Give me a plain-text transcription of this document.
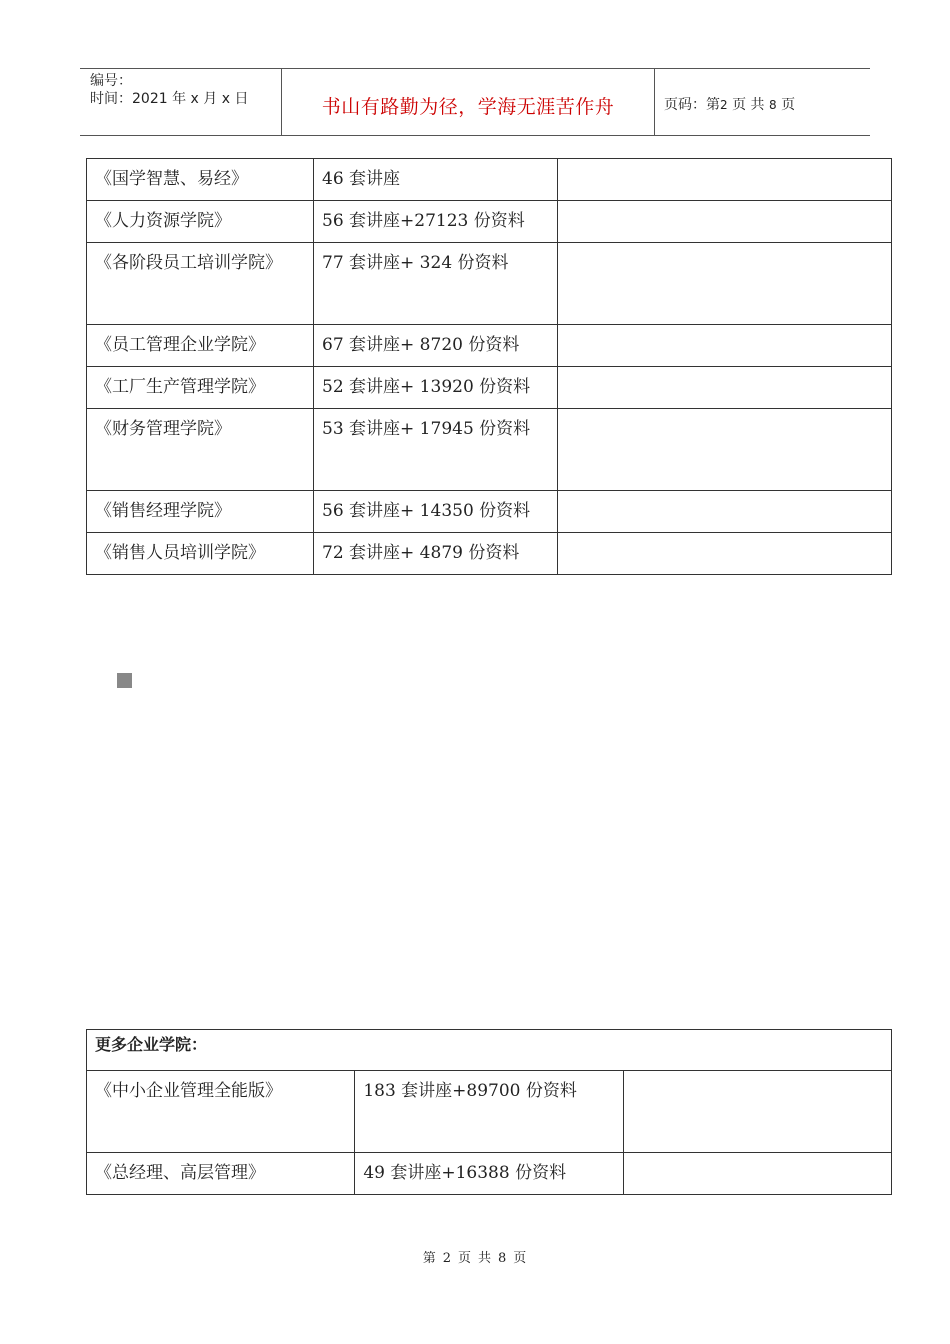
编号：
时间：2021 年 x 月 x 日	书山有路勤为径，学海无涯苦作舟	页码：第2 页 共 8 页
《国学智慧、易经》	46 套讲座	
《人力资源学院》	56 套讲座+27123 份资料	
《各阶段员工培训学院》	77 套讲座+ 324 份资料	
《员工管理企业学院》	67 套讲座+ 8720 份资料	
《工厂生产管理学院》	52 套讲座+ 13920 份资料	
《财务管理学院》	53 套讲座+ 17945 份资料	
《销售经理学院》	56 套讲座+ 14350 份资料	
《销售人员培训学院》	72 套讲座+ 4879 份资料	
更多企业学院：		
《中小企业管理全能版》	183 套讲座+89700 份资料	
《总经理、高层管理》	49 套讲座+16388 份资料	
第 2 页 共 8 页
